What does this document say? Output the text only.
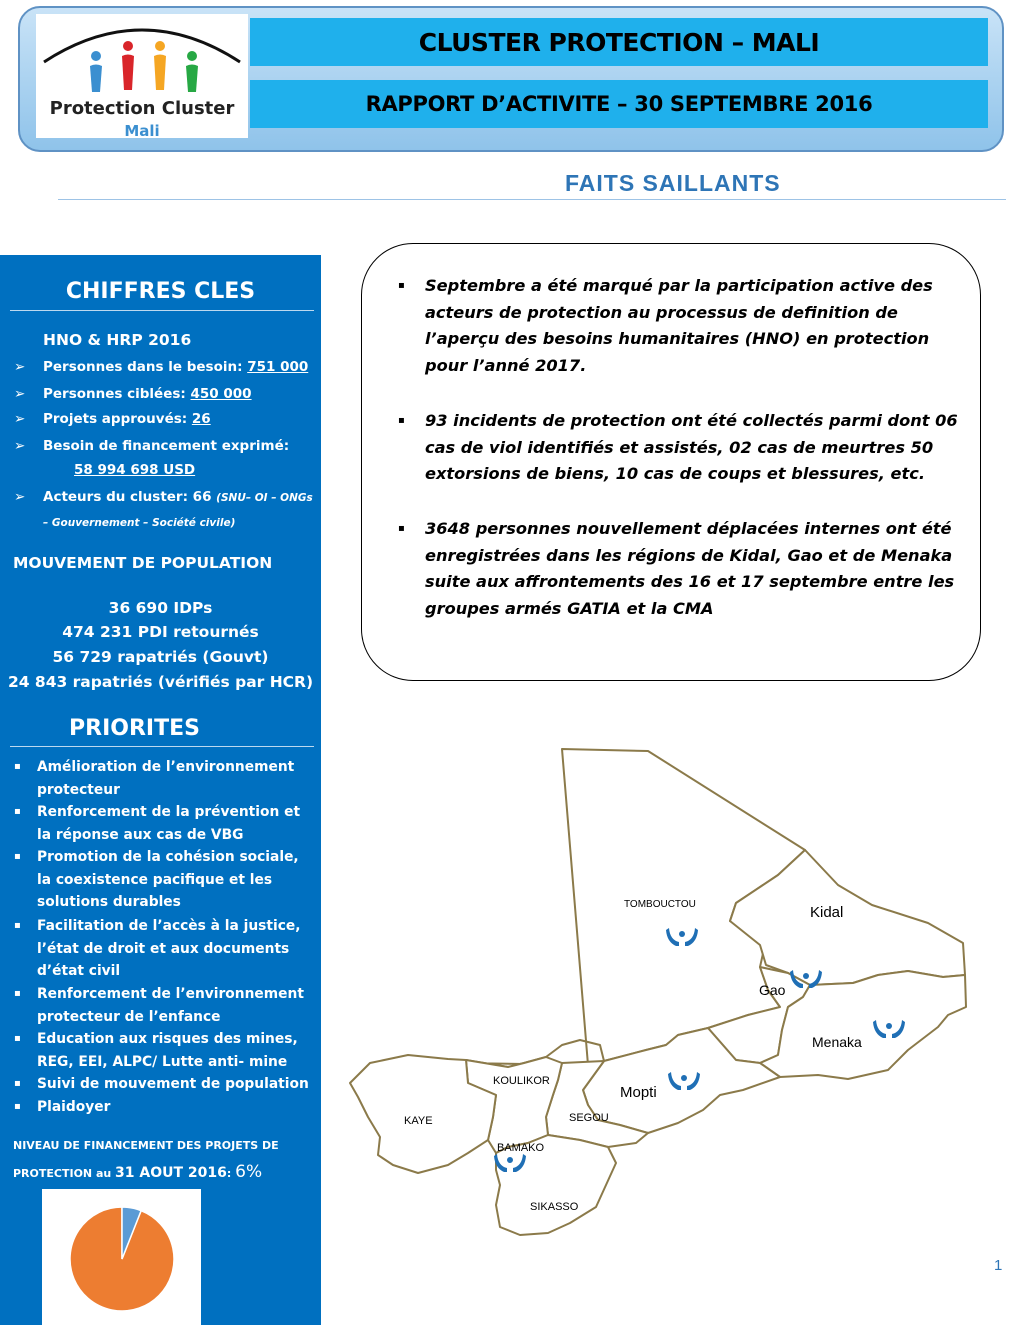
Protection Cluster
Mali
CLUSTER PROTECTION – MALI
RAPPORT D’ACTIVITE – 30 SEPTEMBRE 2016
FAITS SAILLANTS
CHIFFRES CLES
HNO & HRP 2016
➢	Personnes dans le besoin: 751 000
➢	Personnes ciblées: 450 000
➢	Projets approuvés: 26
➢	Besoin de financement exprimé:
58 994 698 USD
➢	Acteurs du cluster: 66 (SNU– OI – ONGs – Gouvernement – Société civile)
MOUVEMENT DE POPULATION
36 690 IDPs
474 231 PDI retournés
56 729 rapatriés (Gouvt)
24 843 rapatriés (vérifiés par HCR)
PRIORITES
▪	Amélioration de l’environnement protecteur
▪	Renforcement de la prévention et la réponse aux cas de VBG
▪	Promotion de la cohésion sociale, la coexistence pacifique et les solutions durables
▪	Facilitation de l’accès à la justice, l’état de droit et aux documents d’état civil
▪	Renforcement de l’environnement protecteur de l’enfance
▪	Education aux risques des mines, REG, EEI, ALPC/ Lutte anti- mine
▪	Suivi de mouvement de population
▪	Plaidoyer
NIVEAU DE FINANCEMENT DES PROJETS DE
PROTECTION au 31 AOUT 2016: 6%
▪	Septembre a été marqué par la participation active des acteurs de protection au processus de definition de l’aperçu des besoins humanitaires (HNO) en protection pour l’anné 2017.
▪	93 incidents de protection ont été collectés parmi dont 06 cas de viol identifiés et assistés, 02 cas de meurtres 50 extorsions de biens, 10 cas de coups et blessures, etc.
▪	3648 personnes nouvellement déplacées internes ont été enregistrées dans les régions de Kidal, Gao et de Menaka suite aux affrontements des 16 et 17 septembre entre les groupes armés GATIA et la CMA
TOMBOUCTOU	Kidal
Gao
Menaka
Mopti
KOULIKOR
SEGOU
KAYE
BAMAKO
SIKASSO
1
